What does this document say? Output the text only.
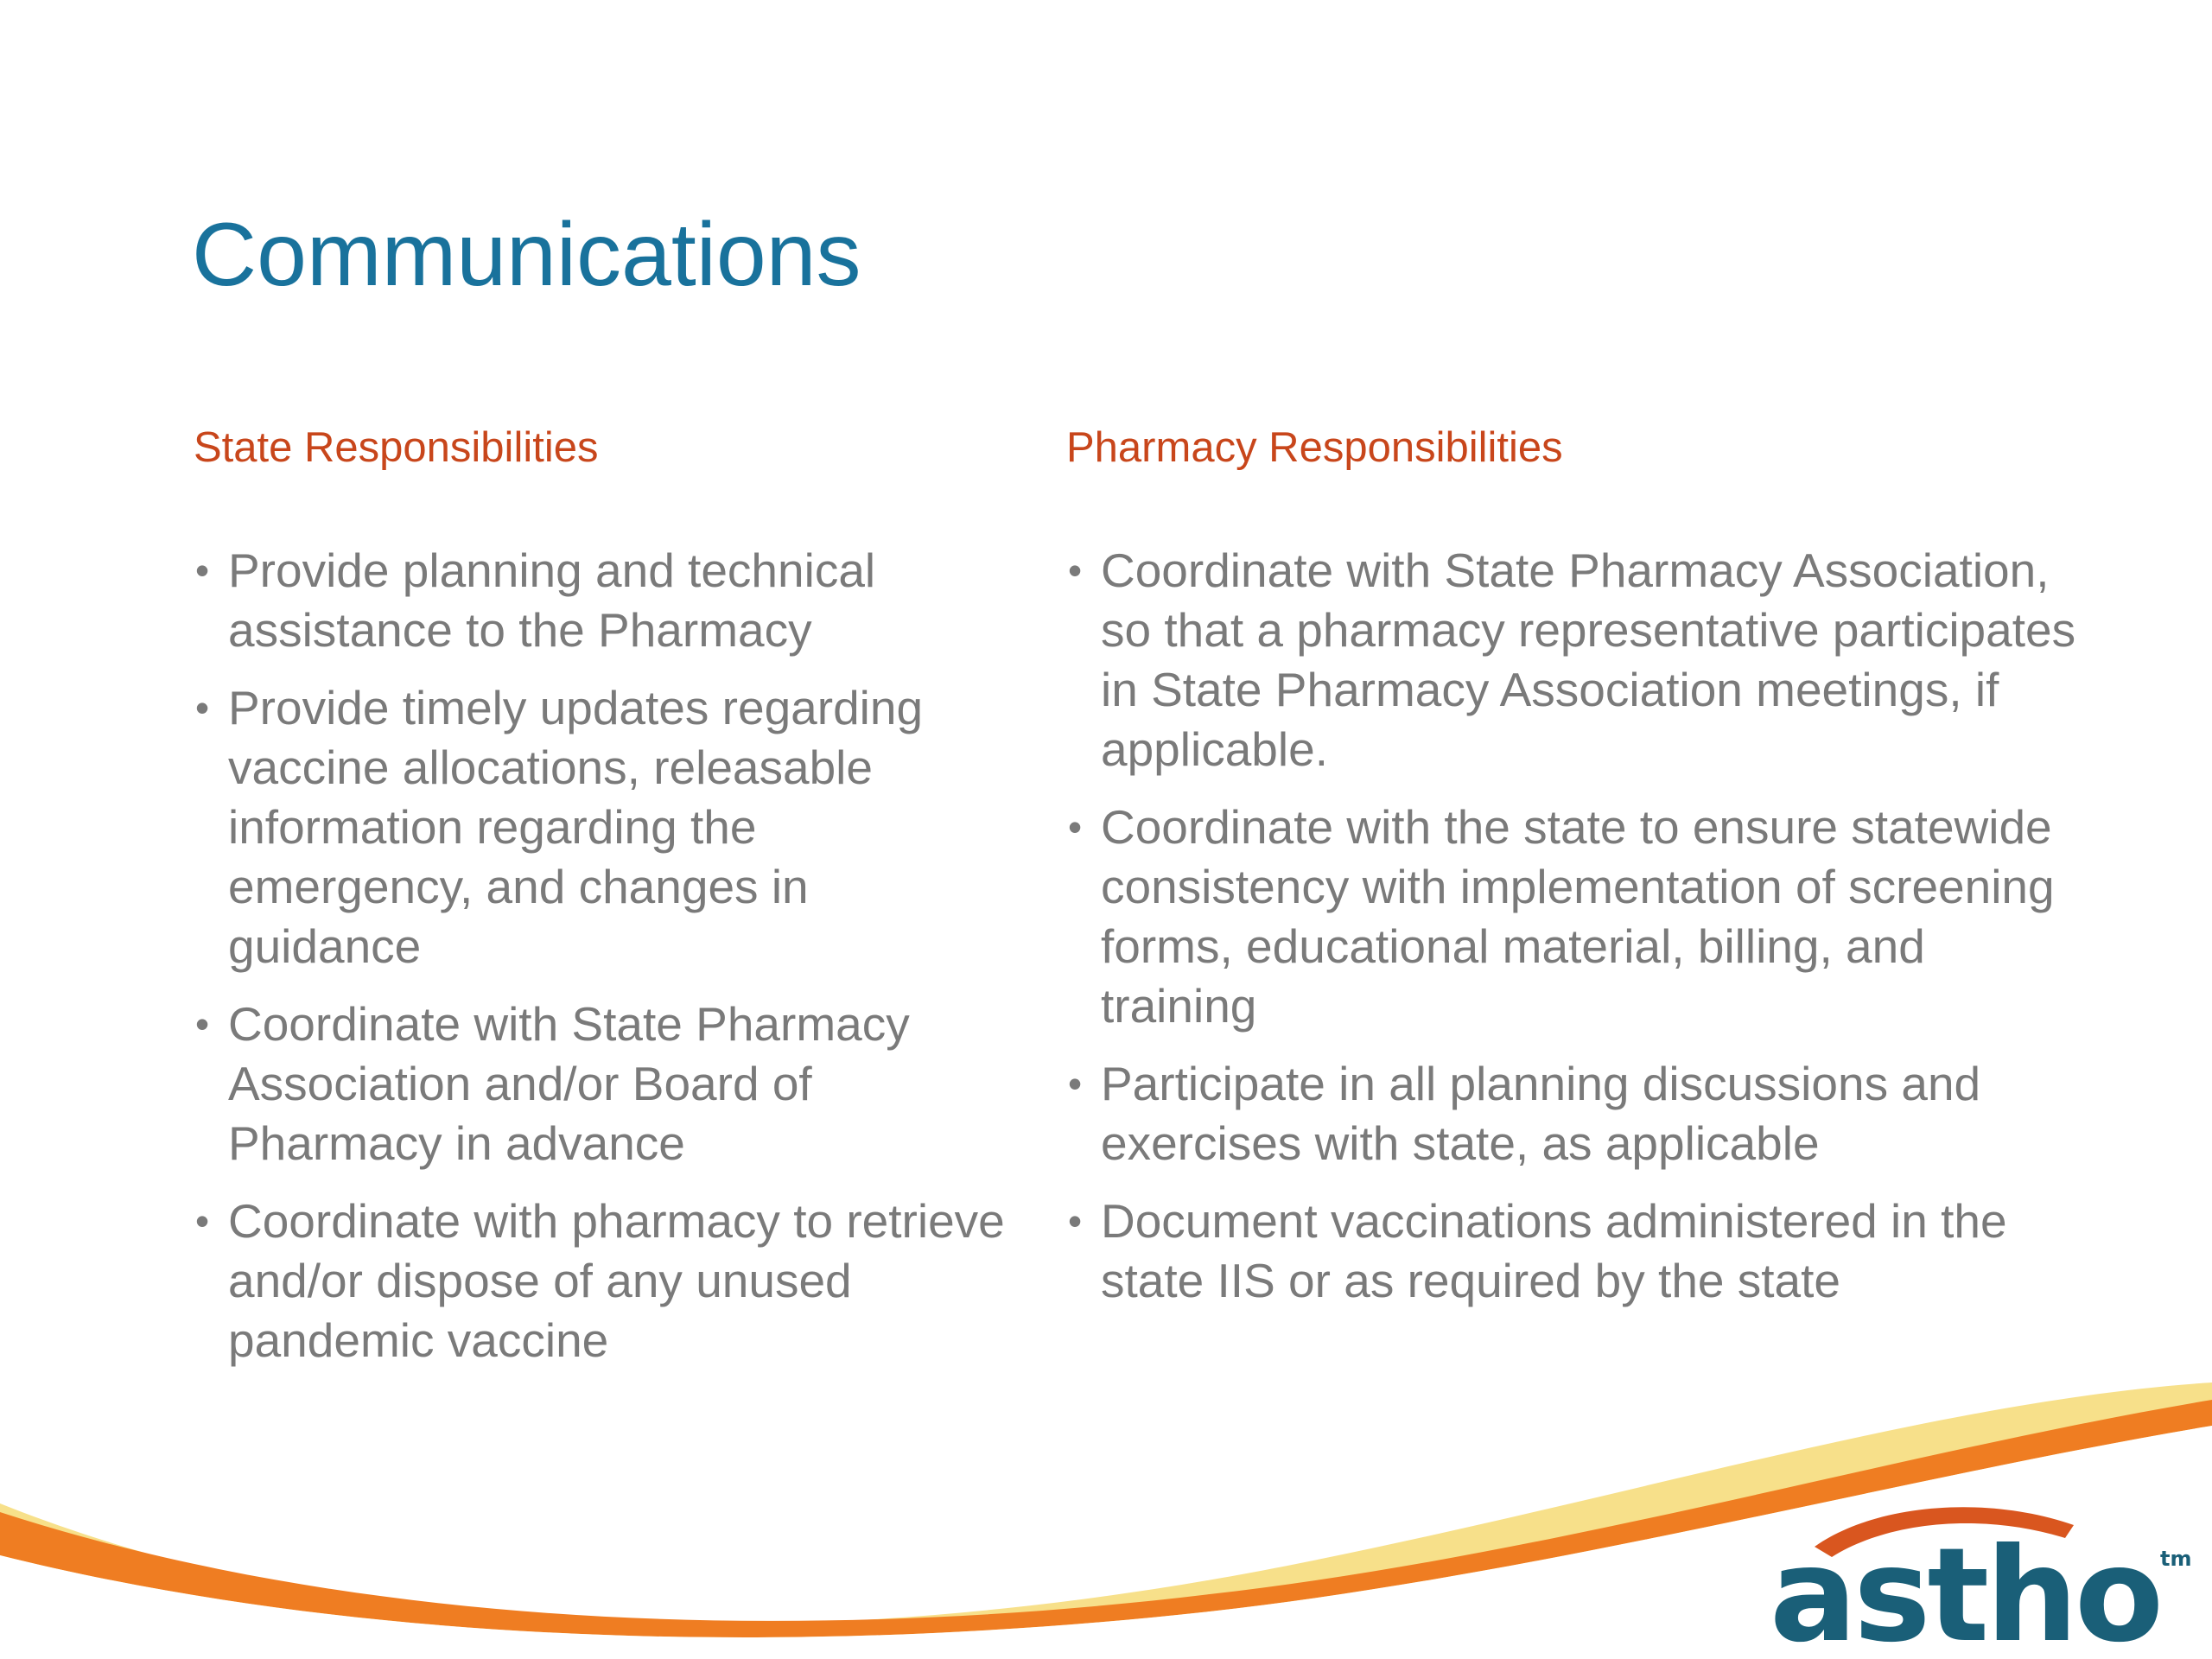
Communications
State Responsibilities
• Provide planning and technical assistance to the Pharmacy
• Provide timely updates regarding vaccine allocations, releasable information regarding the emergency, and changes in guidance
• Coordinate with State Pharmacy Association and/or Board of Pharmacy in advance
• Coordinate with pharmacy to retrieve and/or dispose of any unused pandemic vaccine
Pharmacy Responsibilities
• Coordinate with State Pharmacy Association, so that a pharmacy representative participates in State Pharmacy Association meetings, if applicable.
• Coordinate with the state to ensure statewide consistency with implementation of screening forms, educational material, billing, and training
• Participate in all planning discussions and exercises with state, as applicable
• Document vaccinations administered in the state IIS or as required by the state
astho tm
